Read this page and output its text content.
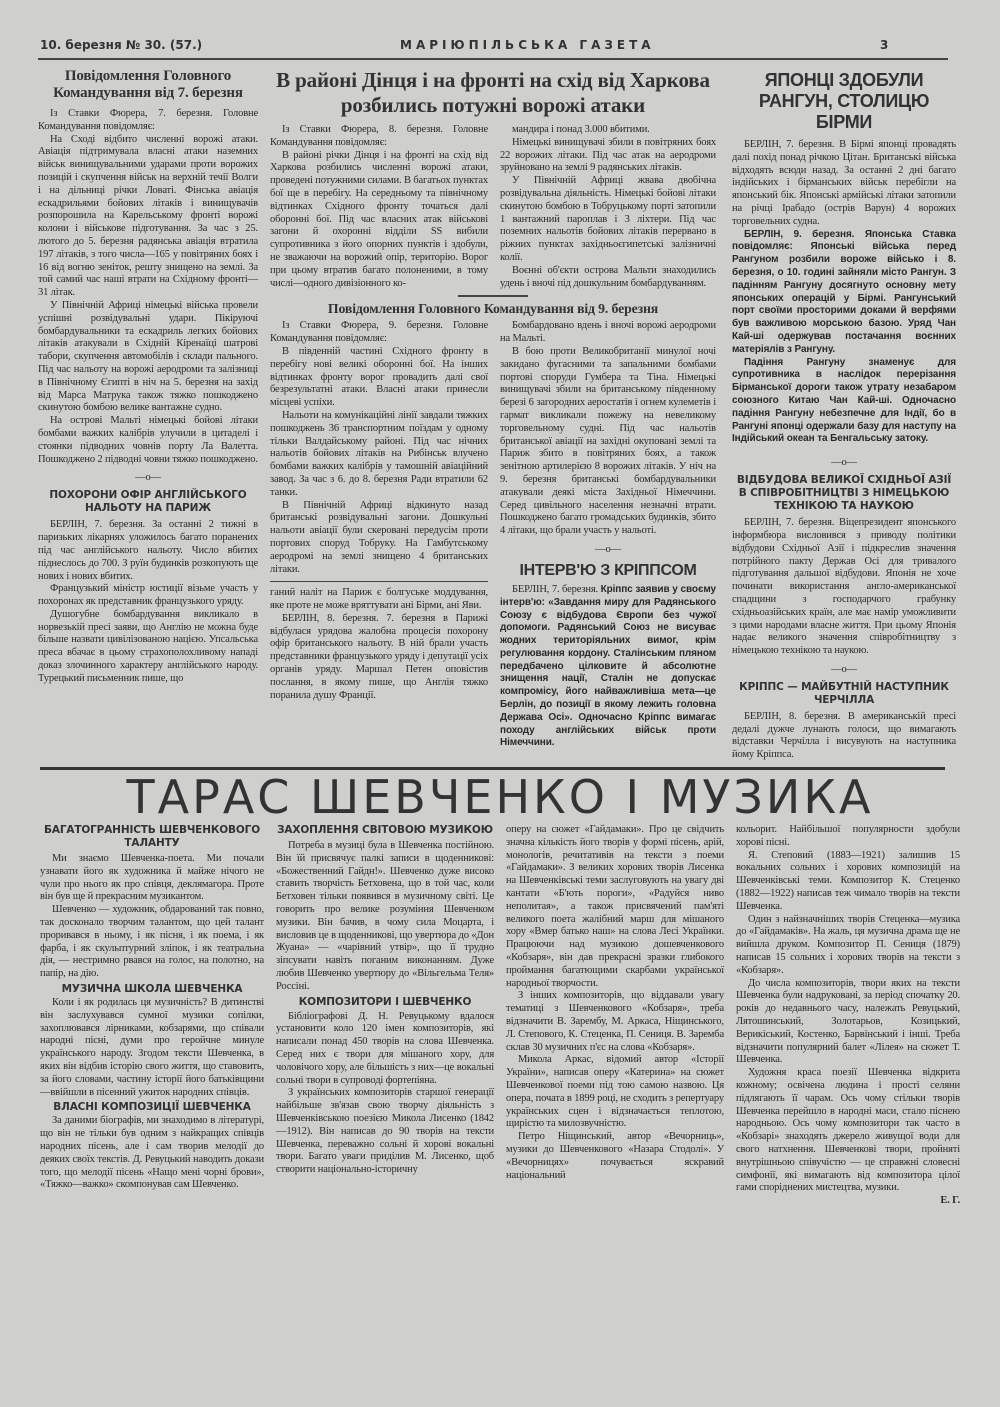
10. березня № 30. (57.)	МАРІЮПІЛЬСЬКА ГАЗЕТА	3
Повідомлення Головного Командування від 7. березня

Із Ставки Фюрера, 7. березня. Головне Командування повідомляє:

На Сході відбито численні ворожі атаки. Авіація підтримувала власні атаки наземних військ винищувальними ударами проти ворожих позицій і скупчення військ на верхній течії Волги і на дільниці річки Ловаті. Фінська авіація ескадрильями бойових літаків і винищувачів розпорошила на Карельському фронті ворожі колони і військове підготування. За час з 25. лютого до 5. березня радянська авіація втратила 197 літаків, з того числа—165 у повітряних боях і 16 від вогню зеніток, решту знищено на землі. За той самий час наші втрати на Східному фронті—31 літак.

У Північній Африці німецькі війська провели успішні розвідувальні удари. Пікіруючі бомбардувальники та ескадриль легких бойових літаків атакували в Східній Кіренаїці шатрові табори, скупчення автомобілів і склади пального. Під час нальоту на ворожі аеродроми та залізниці в Північному Єгипті в ніч на 5. березня на захід від Марса Матрука також тяжко пошкоджено скинутою бомбою велике вантажне судно.

На острові Мальті німецькі бойові літаки бомбами важких калібрів улучили в цитаделі і стоянки підводних човнів порту Ла Валетта. Пошкоджено 2 підводні човни тяжко пошкоджено.

—o—
ПОХОРОНИ ОФІР АНГЛІЙСЬКОГО НАЛЬОТУ НА ПАРИЖ

БЕРЛІН, 7. березня. За останні 2 тижні в паризьких лікарнях уложилось багато поранених під час англійського нальоту. Число вбитих піднеслось до 700. З руїн будинків розкопують ще нових і нових вбитих.

Французький міністр юстиції візьме участь у похоронах як представник французького уряду.

Душогубне бомбардування викликало в норвезькій пресі заяви, що Англію не можна буде більше назвати цивілізованою нацією. Упсальська преса вбачає в цьому страхополохливому нападі доказ злочинного характеру англійського народу. Турецький письменник пише, що

В районі Дінця і на фронті на схід від Харкова розбились потужні ворожі атаки

Із Ставки Фюрера, 8. березня. Головне Командування повідомляє:

В районі річки Дінця і на фронті на схід від Харкова розбились численні ворожі атаки, проведені потужними силами. В багатьох пунктах бої ще в перебігу. На середньому та північному відтинках Східного фронту точаться далі оборонні бої. Під час власних атак військові загони й охоронні відділи SS вибили супротивника з його опорних пунктів і здобули, не зважаючи на ворожий опір, територію. Ворог при цьому втратив багато полоненими, в тому числі—одного дивізіонного ко-

мандира і понад 3.000 вбитими.

Німецькі винищувачі збили в повітряних боях 22 ворожих літаки. Під час атак на аеродроми зруйновано на землі 9 радянських літаків.

У Північній Африці жвава двобічна розвідувальна діяльність. Німецькі бойові літаки скинутою бомбою в Тобруцькому порті затопили 1 вантажний пароплав і 3 ліхтери. Під час поземних нальотів бойових літаків перервано в ріжних пунктах західньоєгипетські залізничні колії.

Воєнні об'єкти острова Мальти знаходились удень і вночі під дошкульним бомбардуванням.

Повідомлення Головного Командування від 9. березня

Із Ставки Фюрера, 9. березня. Головне Командування повідомляє:

В південній частині Східного фронту в перебігу нові великі оборонні бої. На інших відтинках фронту ворог провадить далі свої безрезультатні атаки. Власні атаки принесли місцеві успіхи.

Нальоти на комунікаційні лінії завдали тяжких пошкоджень 36 транспортним поїздам у одному тільки Валдайському районі. Під час нічних нальотів бойових літаків на Рибінськ влучено бомбами важких калібрів у тамошній авіаційний завод. За час з 6. до 8. березня Ради втратили 62 танки.

В Північній Африці відкинуто назад британські розвідувальні загони. Дошкульні нальоти авіації були скеровані передусім проти портових споруд Тобруку. На Гамбутському аеродромі на землі знищено 4 британських літаки.

ганий наліт на Париж є болгуське моддування, яке проте не може вряттувати ані Бірми, ані Яви.

БЕРЛІН, 8. березня. 7. березня в Парижі відбулася урядова жалобна процесія похорону офір британського нальоту. В ній брали участь представники французького уряду і депутації усіх органів уряду. Маршал Петен оповістив послання, в якому пише, що Англія тяжко поранила душу Франції.

Бомбардовано вдень і вночі ворожі аеродроми на Мальті.

В бою проти Великобританії минулої ночі закидано фугасними та запальними бомбами портові споруди Гумбера та Тіна. Німецькі винищувачі збили на британському південному березі 6 загородних аеростатів і огнем кулеметів і гармат викликали пожежу на невеликому торговельному судні. Під час нальотів британської авіації на західні окуповані землі та Париж збито в повітряних боях, а також зенітною артилерією 8 ворожих літаків. У ніч на 9. березня британські бомбардувальники атакували деякі міста Західньої Німеччини. Серед цивільного населення незначні втрати. Пошкоджено багато громадських будинків, збито 4 літаки, що брали участь у нальоті.

—o—
ІНТЕРВ'Ю З КРІППСОМ

БЕРЛІН, 7. березня. Кріппс заявив у своєму інтерв'ю: «Завдання миру для Радянського Союзу є відбудова Європи без чужої допомоги. Радянський Союз не висуває жодних територіяльних вимог, крім регулювання кордону. Сталінським пляном передбачено цілковите й абсолютне знищення нації, Сталін не допускає компромісу, його найважливіша мета—це Берлін, до позиції в якому лежить головна Держава Осі». Одночасно Кріппс вимагає походу англійських військ проти Німеччини.

ЯПОНЦІ ЗДОБУЛИ РАНГУН, СТОЛИЦЮ БІРМИ

БЕРЛІН, 7. березня. В Бірмі японці провадять далі похід понад річкою Цітан. Британські війська відходять всюди назад. За останні 2 дні багато індійських і бірманських військ перебігли на японський бік. Японські армійські літаки затопили на річці Ірабадо (острів Варун) 4 ворожих торговельних судна.

БЕРЛІН, 9. березня. Японська Ставка повідомляє: Японські війська перед Рангуном розбили вороже військо і 8. березня, о 10. годині зайняли місто Рангун. З падінням Рангуну досягнуто основну мету японських операцій у Бірмі. Рангунський порт своїми просторими доками й верфями був важливою морською базою. Уряд Чан Кай-ші одержував постачання воєнних матеріялів з Рангуну.

Падіння Рангуну знаменує для супротивника в наслідок перерізання Бірманської дороги також утрату незабаром союзного Китаю Чан Кай-ші. Одночасно падіння Рангуну небезпечне для Індії, бо в Рангуні японці одержали базу для наступу на Індійський океан та Бенгальську затоку.

—o—
ВІДБУДОВА ВЕЛИКОЇ СХІДНЬОЇ АЗІЇ В СПІВРОБІТНИЦТВІ З НІМЕЦЬКОЮ ТЕХНІКОЮ ТА НАУКОЮ

БЕРЛІН, 7. березня. Віцепрезидент японського інформбюра висловився з приводу політики відбудови Східньої Азії і підкреслив значення потрійного пакту Держав Осі для тривалого підготування дальшої відбудови. Японія не хоче починати використання англо-американської спадщини з господарчого грабунку східньоазійських країн, але має намір уможливити з цими народами власне життя. При цьому Японія надає великого значення співробітництву з німецькою технікою та наукою.

—o—
КРІППС — МАЙБУТНІЙ НАСТУПНИК ЧЕРЧІЛЛА

БЕРЛІН, 8. березня. В американській пресі дедалі дужче лунають голоси, що вимагають відставки Черчілла і висувують на наступника йому Кріппса.

ТАРАС ШЕВЧЕНКО І МУЗИКА
БАГАТОГРАННІСТЬ ШЕВЧЕНКОВОГО ТАЛАНТУ

Ми знаємо Шевченка-поета. Ми почали узнавати його як художника й майже нічого не чули про нього як про співця, деклямагора. Проте він був ще й прекрасним музикантом.

Шевченко — художник, обдарований так повно, так досконало творчим талантом, що цей талант проривався в ньому, і як пісня, і як поема, і як фарба, і як скульптурний зліпок, і як театральна дія, — нестримно рвався на голос, на полотно, на папір, на дію.

МУЗИЧНА ШКОЛА ШЕВЧЕНКА

Коли і як родилась ця музичність? В дитинстві він заслухувався сумної музики сопілки, захоплювався лірниками, кобзарями, що співали народні пісні, думи про геройчне минуле українського народу. Згодом тексти Шевченка, в яких він відбив історію свого життя, що ставовить, за його словами, частину історії його батьківщини—ввійшли в пісенний ужиток народних співців.

ВЛАСНІ КОМПОЗИЦІЇ ШЕВЧЕНКА

За даними біографів, ми знаходимо в літературі, що він не тільки був одним з найкращих співців народних пісень, але і сам творив мелодії до деяких своїх текстів. Д. Ревуцький наводить докази того, що мелодії пісень «Нащо мені чорні брови», «Тяжко—важко» скомпонував сам Шевченко.

ЗАХОПЛЕННЯ СВІТОВОЮ МУЗИКОЮ

Потреба в музиці була в Шевченка постійною. Він їй присвячує палкі записи в щоденникові: «Божественний Гайдн!». Шевченко дуже високо ставить творчість Бетховена, що в той час, коли Бетховен тільки появився в музичному світі. Це говорить про велике розуміння Шевченком музики. Він бачив, в чому сила Моцарта, і висловив це в щоденникові, що увертюра до «Дон Жуана» — «чарівний утвір», що її трудно зіпсувати навіть поганим виконанням. Дуже любив Шевченко увертюру до «Вільгельма Теля» Россіні.

КОМПОЗИТОРИ І ШЕВЧЕНКО

Бібліографові Д. Н. Ревуцькому вдалося установити коло 120 імен композиторів, які написали понад 450 творів на слова Шевченка. Серед них є твори для мішаного хору, для чоловічого хору, але більшість з них—це вокальні сольні твори в супроводі фортепіяна.

З українських композиторів старшої генерації найбільше зв'язав свою творчу діяльність з Шевченківською поезією Микола Лисенко (1842—1912). Він написав до 90 творів на тексти Шевченка, переважно сольні й хорові вокальні твори. Багато уваги приділив М. Лисенко, щоб створити національно-історичну

оперу на сюжет «Гайдамаки». Про це свідчить значна кількість його творів у формі пісень, арій, монологів, речитативів на тексти з поеми «Гайдамаки». З великих хорових творів Лисенка на Шевченківські теми заслуговують на увагу дві кантати «Б'ють пороги», «Радуйся ниво неполитая», а також присвячений пам'яті великого поета жалібний марш для мішаного хору «Вмер батько наш» на слова Лесі Українки. Працюючи над музикою дошевченкового «Кобзаря», він дав прекрасні зразки глибокого проймання багатющими скарбами української народньої творчости.

З інших композиторів, що віддавали увагу тематиці з Шевченкового «Кобзаря», треба відзначити В. Зарембу, М. Аркаса, Ніщинського, Л. Степового, К. Стеценка, П. Сениця. В. Заремба склав 30 музичних п'єс на слова «Кобзаря».

Микола Аркас, відомий автор «Історії України», написав оперу «Катерина» на сюжет Шевченкової поеми під тою самою назвою. Ця опера, почата в 1899 році, не сходить з репертуару українських сцен і відзначається теплотою, щирістю та милозвучністю.

Петро Ніщинський, автор «Вечорниць», музики до Шевченкового «Назара Стодолі». У «Вечорницях» почувається яскравий національний

кольорит. Найбільшої популярности здобули хорові пісні.

Я. Степовий (1883—1921) залишив 15 вокальних сольних і хорових композицій на Шевченківські теми. Композитор К. Стеценко (1882—1922) написав теж чимало творів на тексти Шевченка.

Один з найзначніших творів Стеценка—музика до «Гайдамаків». На жаль, ця музична драма ще не вийшла друком. Композитор П. Сениця (1879) написав 15 сольних і хорових творів на тексти з «Кобзаря».

До числа композиторів, твори яких на тексти Шевченка були надруковані, за період спочатку 20. років до недавнього часу, належать Ревуцький, Лятошинський, Золотарьов, Козицький, Верикіський, Костенко, Барвінський і інші. Треба відзначити популярний балет «Лілея» на сюжет Т. Шевченка.

Художня краса поезії Шевченка відкрита кожному; освічена людина і прості селяни підлягають її чарам. Ось чому стільки творів Шевченка перейшло в народні маси, стало піснею народньою. Ось чому композитори так часто в «Кобзарі» знаходять джерело живущої води для свого натхнення. Шевченкові твори, пройняті внутрішньою співучістю — це справжні словесні симфонії, які вимагають від композитора цілої гами споріднених мистецтва, музики.

Е. Г.
